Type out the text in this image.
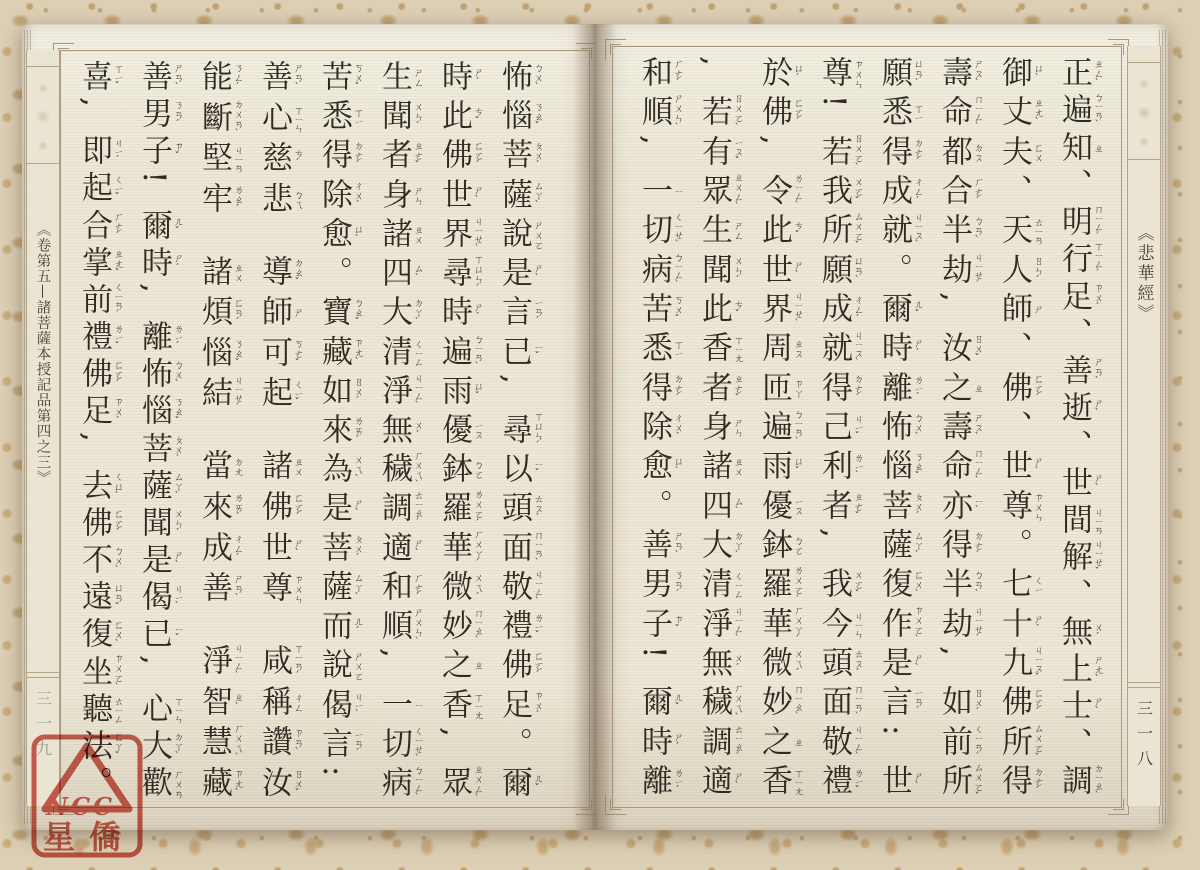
《卷第五—諸菩薩本授記品第四之三》
三一九
怖 ㄅㄨˋ
惱 ㄋㄠˇ
菩 ㄆㄨˊ
薩 ㄙㄚˋ
說 ㄕㄨㄛ
是 ㄕˋ
言 ㄧㄢˊ
已 ㄧˇ
,
尋 ㄒㄩㄣˊ
以 ㄧˇ
頭 ㄊㄡˊ
面 ㄇㄧㄢˋ
敬 ㄐㄧㄥˋ
禮 ㄌㄧˇ
佛 ㄈㄛˊ
足 ㄗㄨˊ
。
爾 ㄦˇ
時 ㄕˊ
此 ㄘˇ
佛 ㄈㄛˊ
世 ㄕˋ
界 ㄐㄧㄝˋ
尋 ㄒㄩㄣˊ
時 ㄕˊ
遍 ㄅㄧㄢˋ
雨 ㄩˇ
優 ㄧㄡ
鉢 ㄅㄛ
羅 ㄌㄨㄛˊ
華 ㄏㄨㄚˊ
微 ㄨㄟˊ
妙 ㄇㄧㄠˋ
之 ㄓ
香 ㄒㄧㄤ
,
眾 ㄓㄨㄥˋ
生 ㄕㄥ
聞 ㄨㄣˊ
者 ㄓㄜˇ
身 ㄕㄣ
諸 ㄓㄨ
四 ㄙˋ
大 ㄉㄚˋ
清 ㄑㄧㄥ
淨 ㄐㄧㄥˋ
無 ㄨˊ
穢 ㄏㄨㄟˋ
調 ㄊㄧㄠˊ
適 ㄕˋ
和 ㄏㄜˊ
順 ㄕㄨㄣˋ
,
一 ㄧ
切 ㄑㄧㄝˋ
病 ㄅㄧㄥˋ
苦 ㄎㄨˇ
悉 ㄒㄧ
得 ㄉㄜˊ
除 ㄔㄨˊ
愈 ㄩˋ
。
寶 ㄅㄠˇ
藏 ㄗㄤˋ
如 ㄖㄨˊ
來 ㄌㄞˊ
為 ㄨㄟˋ
是 ㄕˋ
菩 ㄆㄨˊ
薩 ㄙㄚˋ
而 ㄦˊ
說 ㄕㄨㄛ
偈 ㄐㄧˋ
言 ㄧㄢˊ
:
善 ㄕㄢˋ
心 ㄒㄧㄣ
慈 ㄘˊ
悲 ㄅㄟ
導 ㄉㄠˇ
師 ㄕ
可 ㄎㄜˇ
起 ㄑㄧˇ
諸 ㄓㄨ
佛 ㄈㄛˊ
世 ㄕˋ
尊 ㄗㄨㄣ
咸 ㄒㄧㄢˊ
稱 ㄔㄥ
讚 ㄗㄢˋ
汝 ㄖㄨˇ
能 ㄋㄥˊ
斷 ㄉㄨㄢˋ
堅 ㄐㄧㄢ
牢 ㄌㄠˊ
諸 ㄓㄨ
煩 ㄈㄢˊ
惱 ㄋㄠˇ
結 ㄐㄧㄝˊ
當 ㄉㄤ
來 ㄌㄞˊ
成 ㄔㄥˊ
善 ㄕㄢˋ
淨 ㄐㄧㄥˋ
智 ㄓˋ
慧 ㄏㄨㄟˋ
藏 ㄗㄤˋ
善 ㄕㄢˋ
男 ㄋㄢˊ
子 ㄗˇ
!
爾 ㄦˇ
時 ㄕˊ
,
離 ㄌㄧˊ
怖 ㄅㄨˋ
惱 ㄋㄠˇ
菩 ㄆㄨˊ
薩 ㄙㄚˋ
聞 ㄨㄣˊ
是 ㄕˋ
偈 ㄐㄧˋ
已 ㄧˇ
,
心 ㄒㄧㄣ
大 ㄉㄚˋ
歡 ㄏㄨㄢ
喜 ㄒㄧˇ
,
即 ㄐㄧˊ
起 ㄑㄧˇ
合 ㄏㄜˊ
掌 ㄓㄤˇ
前 ㄑㄧㄢˊ
禮 ㄌㄧˇ
佛 ㄈㄛˊ
足 ㄗㄨˊ
,
去 ㄑㄩˋ
佛 ㄈㄛˊ
不 ㄅㄨˋ
遠 ㄩㄢˇ
復 ㄈㄨˋ
坐 ㄗㄨㄛˋ
聽 ㄊㄧㄥ
法 ㄈㄚˇ
。
《悲華經》
三一八
正 ㄓㄥˋ
遍 ㄅㄧㄢˋ
知 ㄓ
、
明 ㄇㄧㄥˊ
行 ㄒㄧㄥˊ
足 ㄗㄨˊ
、
善 ㄕㄢˋ
逝 ㄕˋ
、
世 ㄕˋ
間 ㄐㄧㄢ
解 ㄐㄧㄝˇ
、
無 ㄨˊ
上 ㄕㄤˋ
士 ㄕˋ
、
調 ㄉㄧㄠˋ
御 ㄩˋ
丈 ㄓㄤˋ
夫 ㄈㄨ
、
天 ㄊㄧㄢ
人 ㄖㄣˊ
師 ㄕ
、
佛 ㄈㄛˊ
、
世 ㄕˋ
尊 ㄗㄨㄣ
。
七 ㄑㄧ
十 ㄕˊ
九 ㄐㄧㄡˇ
佛 ㄈㄛˊ
所 ㄙㄨㄛˇ
得 ㄉㄜˊ
壽 ㄕㄡˋ
命 ㄇㄧㄥˋ
都 ㄉㄡ
合 ㄏㄜˊ
半 ㄅㄢˋ
劫 ㄐㄧㄝˊ
,
汝 ㄖㄨˇ
之 ㄓ
壽 ㄕㄡˋ
命 ㄇㄧㄥˋ
亦 ㄧˋ
得 ㄉㄜˊ
半 ㄅㄢˋ
劫 ㄐㄧㄝˊ
,
如 ㄖㄨˊ
前 ㄑㄧㄢˊ
所 ㄙㄨㄛˇ
願 ㄩㄢˋ
悉 ㄒㄧ
得 ㄉㄜˊ
成 ㄔㄥˊ
就 ㄐㄧㄡˋ
。
爾 ㄦˇ
時 ㄕˊ
離 ㄌㄧˊ
怖 ㄅㄨˋ
惱 ㄋㄠˇ
菩 ㄆㄨˊ
薩 ㄙㄚˋ
復 ㄈㄨˋ
作 ㄗㄨㄛˋ
是 ㄕˋ
言 ㄧㄢˊ
:
世 ㄕˋ
尊 ㄗㄨㄣ
!
若 ㄖㄨㄛˋ
我 ㄨㄛˇ
所 ㄙㄨㄛˇ
願 ㄩㄢˋ
成 ㄔㄥˊ
就 ㄐㄧㄡˋ
得 ㄉㄜˊ
己 ㄐㄧˇ
利 ㄌㄧˋ
者 ㄓㄜˇ
,
我 ㄨㄛˇ
今 ㄐㄧㄣ
頭 ㄊㄡˊ
面 ㄇㄧㄢˋ
敬 ㄐㄧㄥˋ
禮 ㄌㄧˇ
於 ㄩˊ
佛 ㄈㄛˊ
,
令 ㄌㄧㄥˋ
此 ㄘˇ
世 ㄕˋ
界 ㄐㄧㄝˋ
周 ㄓㄡ
匝 ㄗㄚ
遍 ㄅㄧㄢˋ
雨 ㄩˇ
優 ㄧㄡ
鉢 ㄅㄛ
羅 ㄌㄨㄛˊ
華 ㄏㄨㄚˊ
微 ㄨㄟˊ
妙 ㄇㄧㄠˋ
之 ㄓ
香 ㄒㄧㄤ
,
若 ㄖㄨㄛˋ
有 ㄧㄡˇ
眾 ㄓㄨㄥˋ
生 ㄕㄥ
聞 ㄨㄣˊ
此 ㄘˇ
香 ㄒㄧㄤ
者 ㄓㄜˇ
身 ㄕㄣ
諸 ㄓㄨ
四 ㄙˋ
大 ㄉㄚˋ
清 ㄑㄧㄥ
淨 ㄐㄧㄥˋ
無 ㄨˊ
穢 ㄏㄨㄟˋ
調 ㄊㄧㄠˊ
適 ㄕˋ
和 ㄏㄜˊ
順 ㄕㄨㄣˋ
,
一 ㄧ
切 ㄑㄧㄝˋ
病 ㄅㄧㄥˋ
苦 ㄎㄨˇ
悉 ㄒㄧ
得 ㄉㄜˊ
除 ㄔㄨˊ
愈 ㄩˋ
。
善 ㄕㄢˋ
男 ㄋㄢˊ
子 ㄗˇ
!
爾 ㄦˇ
時 ㄕˊ
離 ㄌㄧˊ
NCC
星僑
